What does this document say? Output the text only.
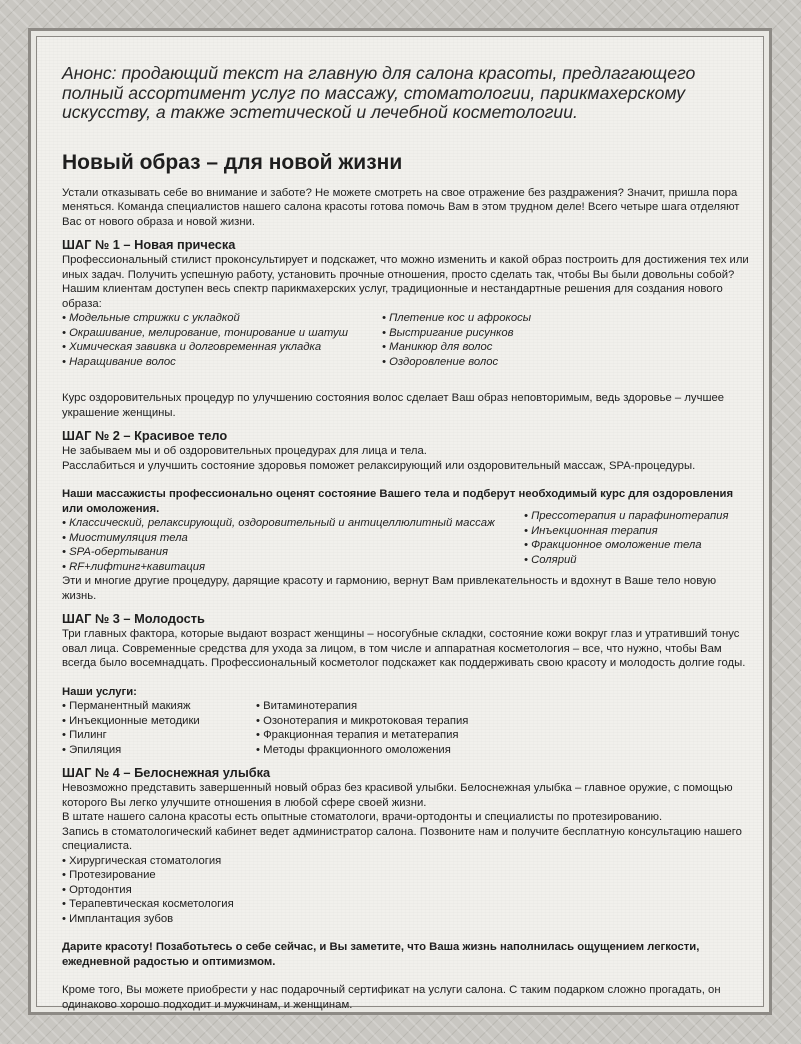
Анонс: продающий текст на главную для салона красоты, предлагающего полный ассортимент услуг по массажу, стоматологии, парикмахерскому искусству, а также эстетической и лечебной косметологии.

Новый образ – для новой жизни

Устали отказывать себе во внимание и заботе? Не можете смотреть на свое отражение без раздражения? Значит, пришла пора меняться. Команда специалистов нашего салона красоты готова помочь Вам в этом трудном деле! Всего четыре шага отделяют Вас от нового образа и новой жизни.

ШАГ № 1 – Новая прическа

Профессиональный стилист проконсультирует и подскажет, что можно изменить и какой образ построить для достижения тех или иных задач. Получить успешную работу, установить прочные отношения, просто сделать так, чтобы Вы были довольны собой? Нашим клиентам доступен весь спектр парикмахерских услуг, традиционные и нестандартные решения для создания нового образа:

• Модельные стрижки с укладкой
• Окрашивание, мелирование, тонирование и шатуш
• Химическая завивка и долговременная укладка
• Наращивание волос
• Плетение кос и афрокосы
• Выстригание рисунков
• Маникюр для волос
• Оздоровление волос

Курс оздоровительных процедур по улучшению состояния волос сделает Ваш образ неповторимым, ведь здоровье – лучшее украшение женщины.

ШАГ № 2 – Красивое тело

Не забываем мы и об оздоровительных процедурах для лица и тела.

Расслабиться и улучшить состояние здоровья поможет релаксирующий или оздоровительный массаж, SPA-процедуры.

Наши массажисты профессионально оценят состояние Вашего тела и подберут необходимый курс для оздоровления или омоложения.

• Классический, релаксирующий, оздоровительный и антицеллюлитный массаж
• Миостимуляция тела
• SPA-обертывания
• RF+лифтинг+кавитация
• Прессотерапия и парафинотерапия
• Инъекционная терапия
• Фракционное омоложение тела
• Солярий

Эти и многие другие процедуру, дарящие красоту и гармонию, вернут Вам привлекательность и вдохнут в Ваше тело новую жизнь.

ШАГ № 3 – Молодость

Три главных фактора, которые выдают возраст женщины – носогубные складки, состояние кожи вокруг глаз и утративший тонус овал лица. Современные средства для ухода за лицом, в том числе и аппаратная косметология – все, что нужно, чтобы Вам всегда было восемнадцать. Профессиональный косметолог подскажет как поддерживать свою красоту и молодость долгие годы.

Наши услуги:

• Перманентный макияж
• Инъекционные методики
• Пилинг
• Эпиляция
• Витаминотерапия
• Озонотерапия и микротоковая терапия
• Фракционная терапия и метатерапия
• Методы фракционного омоложения
ШАГ № 4 – Белоснежная улыбка

Невозможно представить завершенный новый образ без красивой улыбки. Белоснежная улыбка – главное оружие, с помощью которого Вы легко улучшите отношения в любой сфере своей жизни.

В штате нашего салона красоты есть опытные стоматологи, врачи-ортодонты и специалисты по протезированию.

Запись в стоматологический кабинет ведет администратор салона. Позвоните нам и получите бесплатную консультацию нашего специалиста.

• Хирургическая стоматология
• Протезирование
• Ортодонтия
• Терапевтическая косметология
• Имплантация зубов

Дарите красоту! Позаботьтесь о себе сейчас, и Вы заметите, что Ваша жизнь наполнилась ощущением легкости, ежедневной радостью и оптимизмом.

Кроме того, Вы можете приобрести у нас подарочный сертификат на услуги салона. С таким подарком сложно прогадать, он одинаково хорошо подходит и мужчинам, и женщинам.
